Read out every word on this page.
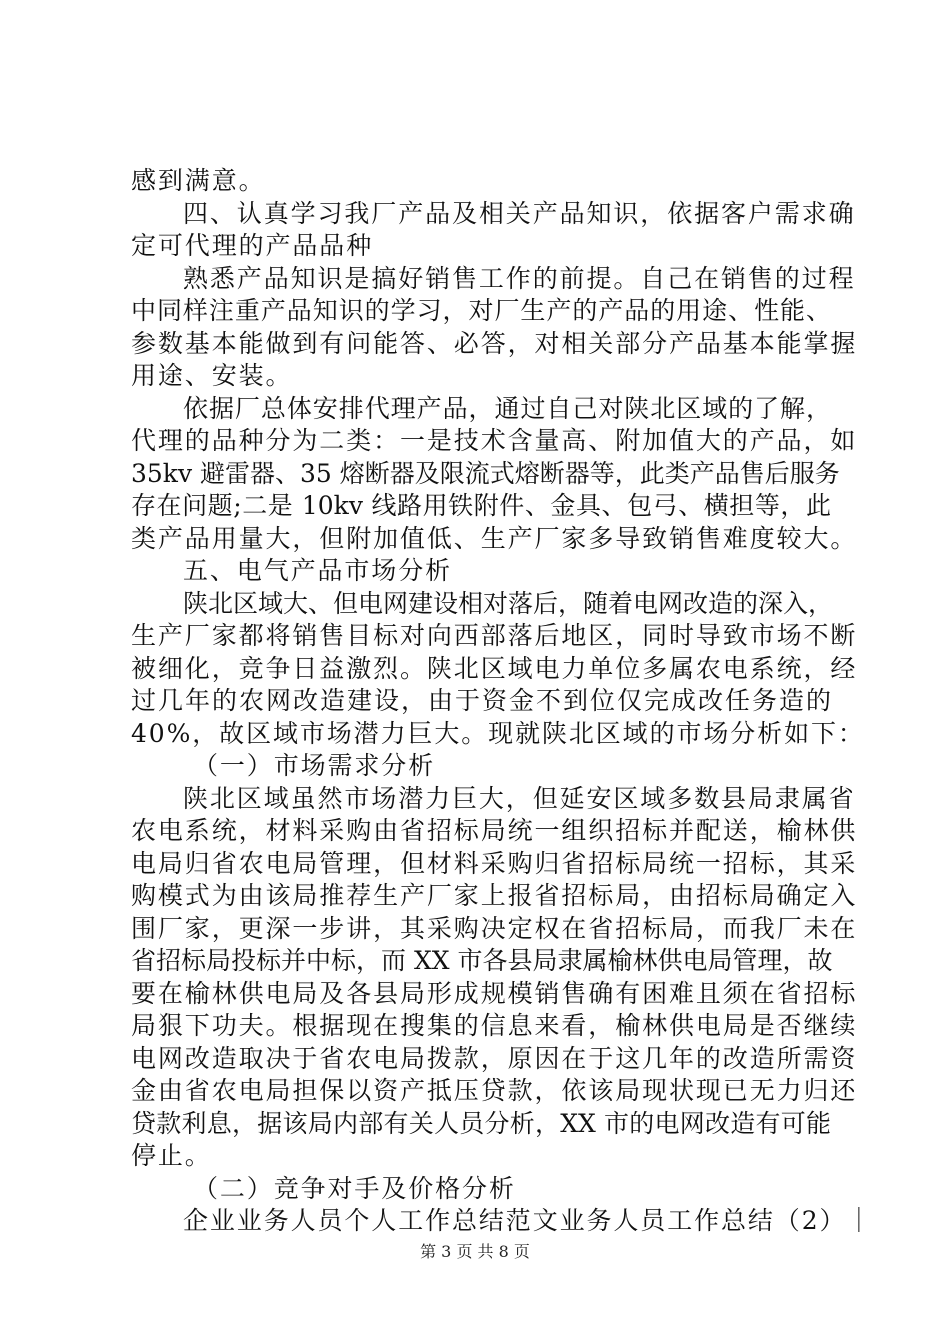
感到满意。
四、认真学习我厂产品及相关产品知识，依据客户需求确
定可代理的产品品种
熟悉产品知识是搞好销售工作的前提。自己在销售的过程
中同样注重产品知识的学习，对厂生产的产品的用途、性能、
参数基本能做到有问能答、必答，对相关部分产品基本能掌握
用途、安装。
依据厂总体安排代理产品，通过自己对陕北区域的了解，
代理的品种分为二类：一是技术含量高、附加值大的产品，如
35kv 避雷器、35 熔断器及限流式熔断器等，此类产品售后服务
存在问题;二是 10kv 线路用铁附件、金具、包弓、横担等，此
类产品用量大，但附加值低、生产厂家多导致销售难度较大。
五、电气产品市场分析
陕北区域大、但电网建设相对落后，随着电网改造的深入，
生产厂家都将销售目标对向西部落后地区，同时导致市场不断
被细化，竞争日益激烈。陕北区域电力单位多属农电系统，经
过几年的农网改造建设，由于资金不到位仅完成改任务造的
40%，故区域市场潜力巨大。现就陕北区域的市场分析如下：
（一）市场需求分析
陕北区域虽然市场潜力巨大，但延安区域多数县局隶属省
农电系统，材料采购由省招标局统一组织招标并配送，榆林供
电局归省农电局管理，但材料采购归省招标局统一招标，其采
购模式为由该局推荐生产厂家上报省招标局，由招标局确定入
围厂家，更深一步讲，其采购决定权在省招标局，而我厂未在
省招标局投标并中标，而 XX 市各县局隶属榆林供电局管理，故
要在榆林供电局及各县局形成规模销售确有困难且须在省招标
局狠下功夫。根据现在搜集的信息来看，榆林供电局是否继续
电网改造取决于省农电局拨款，原因在于这几年的改造所需资
金由省农电局担保以资产抵压贷款，依该局现状现已无力归还
贷款利息，据该局内部有关人员分析，XX 市的电网改造有可能
停止。
（二）竞争对手及价格分析
企业业务人员个人工作总结范文业务人员工作总结（2）｜
第 3 页 共 8 页
